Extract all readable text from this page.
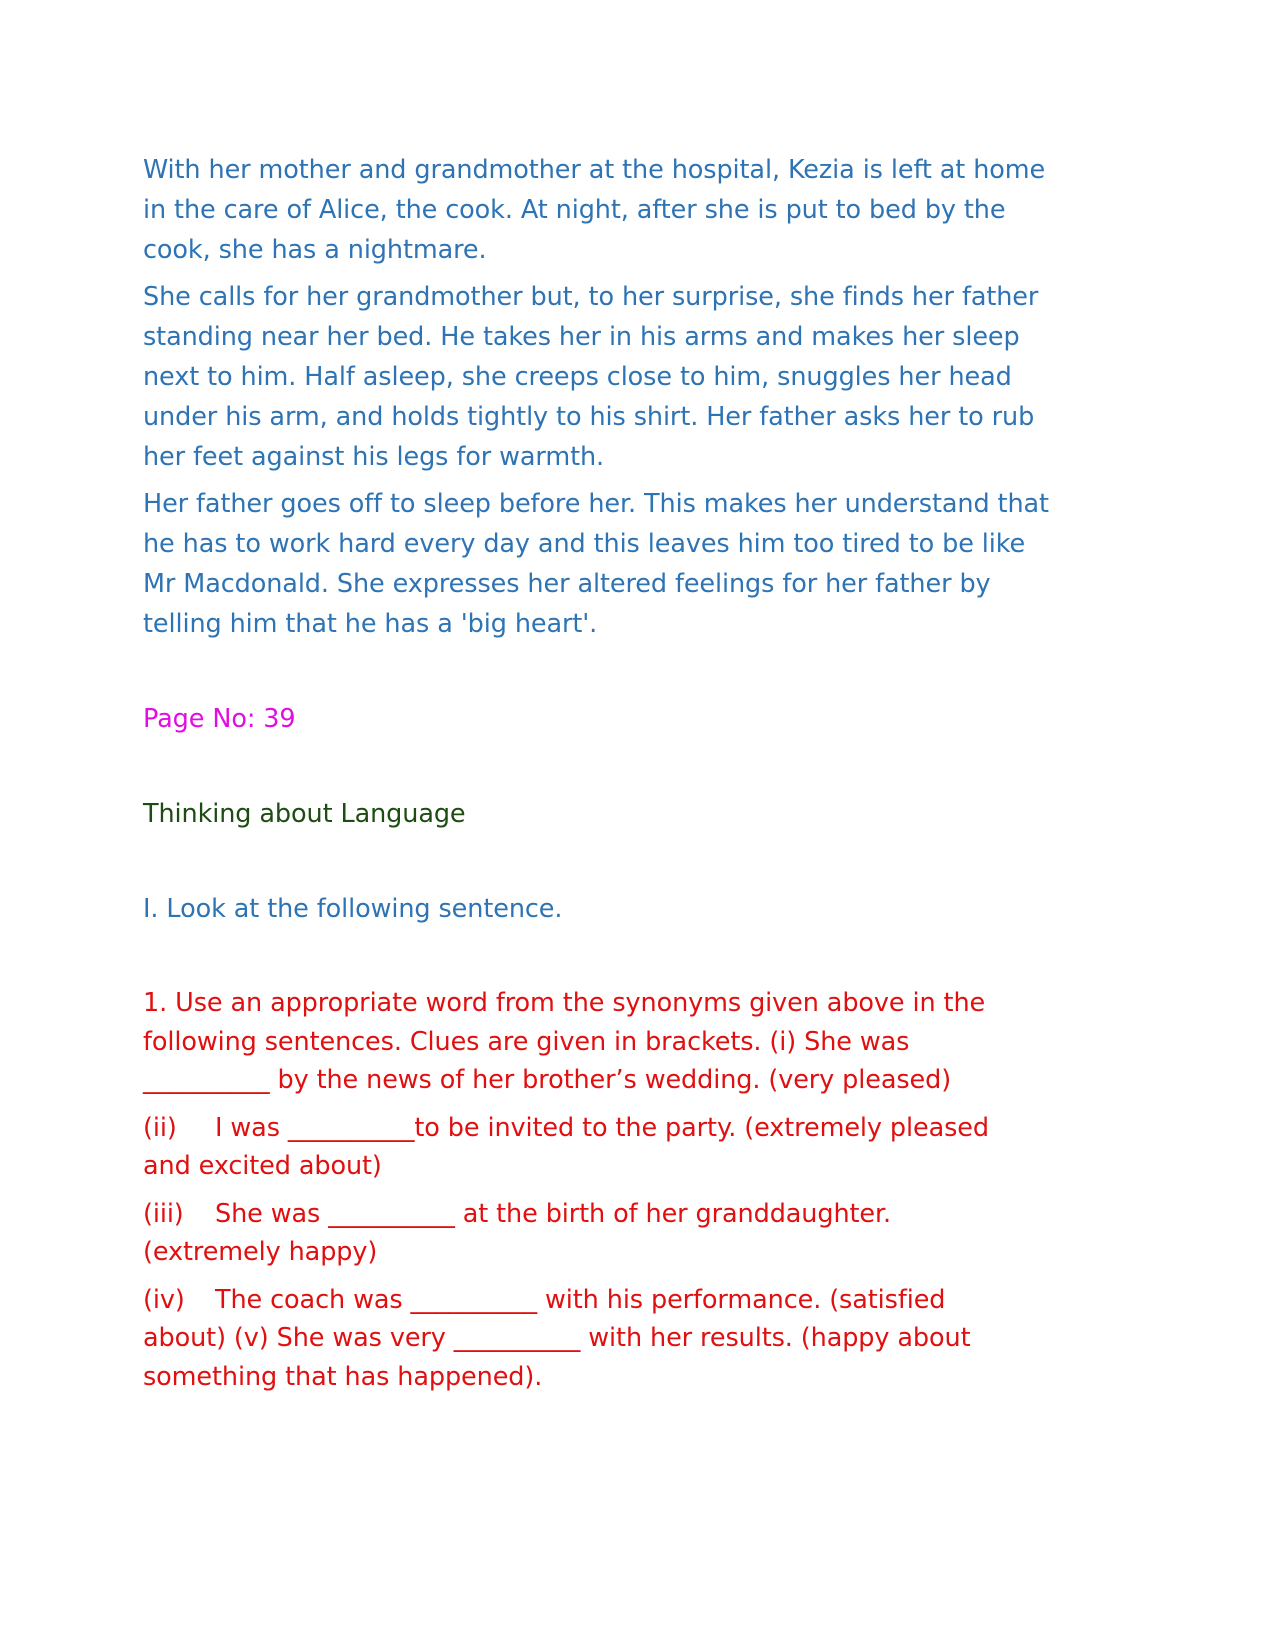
With her mother and grandmother at the hospital, Kezia is left at home
in the care of Alice, the cook. At night, after she is put to bed by the
cook, she has a nightmare.

She calls for her grandmother but, to her surprise, she finds her father
standing near her bed. He takes her in his arms and makes her sleep
next to him. Half asleep, she creeps close to him, snuggles her head
under his arm, and holds tightly to his shirt. Her father asks her to rub
her feet against his legs for warmth.

Her father goes off to sleep before her. This makes her understand that
he has to work hard every day and this leaves him too tired to be like
Mr Macdonald. She expresses her altered feelings for her father by
telling him that he has a 'big heart'.

Page No: 39

Thinking about Language

I. Look at the following sentence.

1. Use an appropriate word from the synonyms given above in the
following sentences. Clues are given in brackets. (i) She was
__________ by the news of her brother’s wedding. (very pleased)

(ii) I was __________to be invited to the party. (extremely pleased
and excited about)

(iii) She was __________ at the birth of her granddaughter.
(extremely happy)

(iv) The coach was __________ with his performance. (satisfied
about) (v) She was very __________ with her results. (happy about
something that has happened).
